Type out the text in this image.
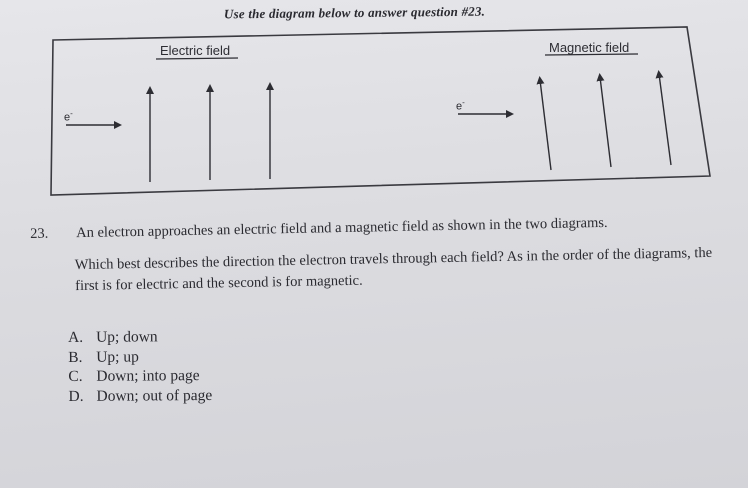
Use the diagram below to answer question #23.
Electric field	Magnetic field
e-
e-
23. An electron approaches an electric field and a magnetic field as shown in the two diagrams.
Which best describes the direction the electron travels through each field? As in the order of the diagrams, the first is for electric and the second is for magnetic.
A. Up; down
B. Up; up
C. Down; into page
D. Down; out of page
